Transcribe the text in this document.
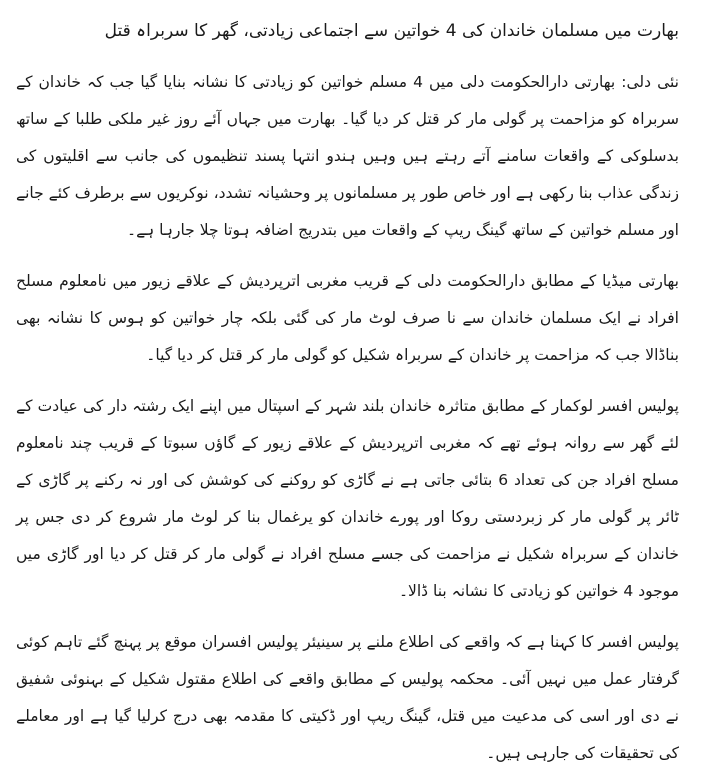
بھارت میں مسلمان خاندان کی 4 خواتین سے اجتماعی زیادتی، گھر کا سربراہ قتل

نئی دلی: بھارتی دارالحکومت دلی میں 4 مسلم خواتین کو زیادتی کا نشانہ بنایا گیا جب کہ خاندان کے سربراہ کو مزاحمت پر گولی مار کر قتل کر دیا گیا۔ بھارت میں جہاں آئے روز غیر ملکی طلبا کے ساتھ بدسلوکی کے واقعات سامنے آتے رہتے ہیں وہیں ہندو انتہا پسند تنظیموں کی جانب سے اقلیتوں کی زندگی عذاب بنا رکھی ہے اور خاص طور پر مسلمانوں پر وحشیانہ تشدد، نوکریوں سے برطرف کئے جانے اور مسلم خواتین کے ساتھ گینگ ریپ کے واقعات میں بتدریج اضافہ ہوتا چلا جارہا ہے۔

بھارتی میڈیا کے مطابق دارالحکومت دلی کے قریب مغربی اترپردیش کے علاقے زیور میں نامعلوم مسلح افراد نے ایک مسلمان خاندان سے نا صرف لوٹ مار کی گئی بلکہ چار خواتین کو ہوس کا نشانہ بھی بناڈالا جب کہ مزاحمت پر خاندان کے سربراہ شکیل کو گولی مار کر قتل کر دیا گیا۔

پولیس افسر لوکمار کے مطابق متاثرہ خاندان بلند شہر کے اسپتال میں اپنے ایک رشتہ دار کی عیادت کے لئے گھر سے روانہ ہوئے تھے کہ مغربی اترپردیش کے علاقے زیور کے گاؤں سبوتا کے قریب چند نامعلوم مسلح افراد جن کی تعداد 6 بتائی جاتی ہے نے گاڑی کو روکنے کی کوشش کی اور نہ رکنے پر گاڑی کے ٹائر پر گولی مار کر زبردستی روکا اور پورے خاندان کو یرغمال بنا کر لوٹ مار شروع کر دی جس پر خاندان کے سربراہ شکیل نے مزاحمت کی جسے مسلح افراد نے گولی مار کر قتل کر دیا اور گاڑی میں موجود 4 خواتین کو زیادتی کا نشانہ بنا ڈالا۔

پولیس افسر کا کہنا ہے کہ واقعے کی اطلاع ملنے پر سینیئر پولیس افسران موقع پر پہنچ گئے تاہم کوئی گرفتار عمل میں نہیں آئی۔ محکمہ پولیس کے مطابق واقعے کی اطلاع مقتول شکیل کے بہنوئی شفیق نے دی اور اسی کی مدعیت میں قتل، گینگ ریپ اور ڈکیتی کا مقدمہ بھی درج کرلیا گیا ہے اور معاملے کی تحقیقات کی جارہی ہیں۔
